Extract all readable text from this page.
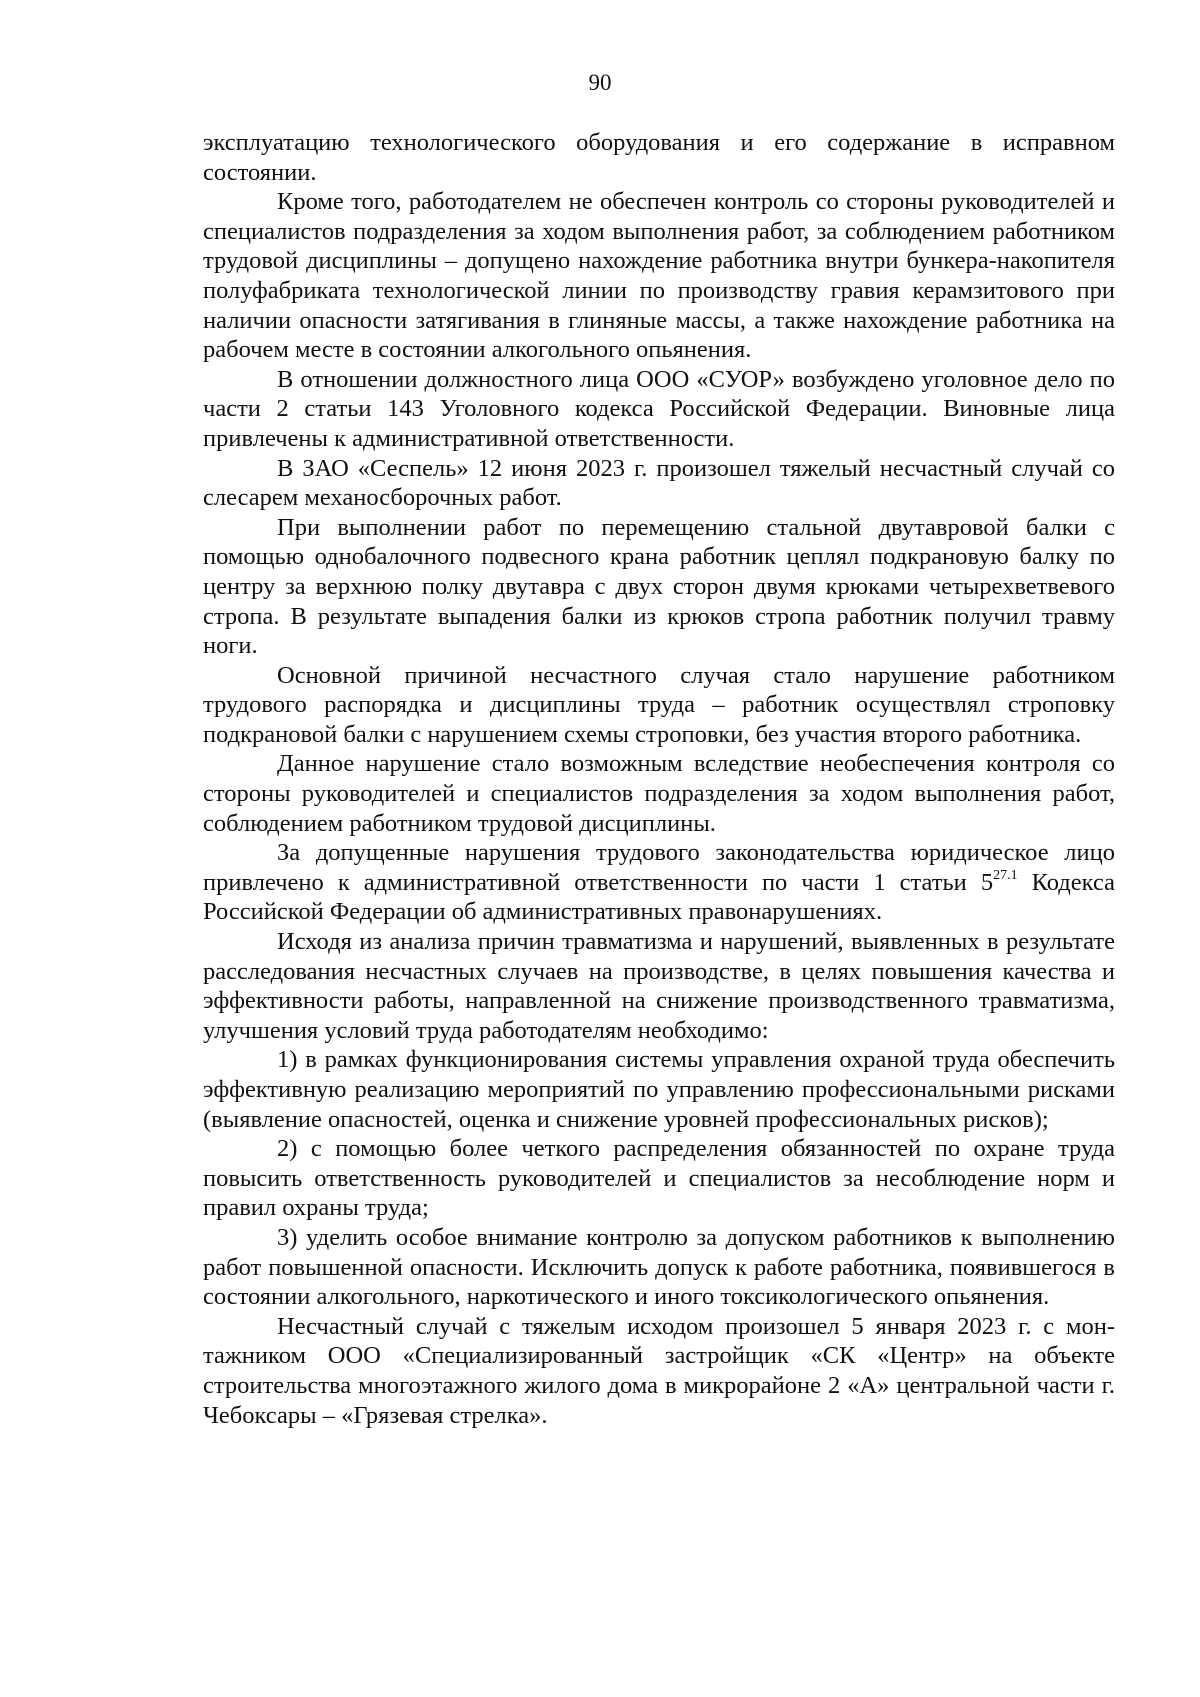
90

эксплуатацию технологического оборудования и его содержание в исправном состоянии.

Кроме того, работодателем не обеспечен контроль со стороны руководителей и специалистов подразделения за ходом выполнения работ, за соблюдением работником трудовой дисциплины – допущено нахождение работника внутри бункера-накопителя полуфабриката технологической линии по производству гравия керамзитового при наличии опасности затягивания в глиняные массы, а также нахождение работника на рабочем месте в состоянии алкогольного опьянения.

В отношении должностного лица ООО «СУОР» возбуждено уголовное дело по части 2 статьи 143 Уголовного кодекса Российской Федерации. Виновные лица привлечены к административной ответственности.

В ЗАО «Сеспель» 12 июня 2023 г. произошел тяжелый несчастный случай со слесарем механосборочных работ.

При выполнении работ по перемещению стальной двутавровой балки с помощью однобалочного подвесного крана работник цеплял подкрановую балку по центру за верхнюю полку двутавра с двух сторон двумя крюками четырехветвевого стропа. В результате выпадения балки из крюков стропа работник получил травму ноги.

Основной причиной несчастного случая стало нарушение работником трудового распорядка и дисциплины труда – работник осуществлял строповку подкрановой балки с нарушением схемы строповки, без участия второго работника.

Данное нарушение стало возможным вследствие необеспечения контроля со стороны руководителей и специалистов подразделения за ходом выполнения работ, соблюдением работником трудовой дисциплины.

За допущенные нарушения трудового законодательства юридическое лицо привлечено к административной ответственности по части 1 статьи $5^{27.1}$ Кодекса Российской Федерации об административных правонарушениях.

Исходя из анализа причин травматизма и нарушений, выявленных в результате расследования несчастных случаев на производстве, в целях повышения качества и эффективности работы, направленной на снижение производственного травматизма, улучшения условий труда работодателям необходимо:

1) в рамках функционирования системы управления охраной труда обеспечить эффективную реализацию мероприятий по управлению профессиональными рисками (выявление опасностей, оценка и снижение уровней профессиональных рисков);

2) с помощью более четкого распределения обязанностей по охране труда повысить ответственность руководителей и специалистов за несоблюдение норм и правил охраны труда;

3) уделить особое внимание контролю за допуском работников к выполнению работ повышенной опасности. Исключить допуск к работе работника, появившегося в состоянии алкогольного, наркотического и иного токсикологического опьянения.

Несчастный случай с тяжелым исходом произошел 5 января 2023 г. с монтажником ООО «Специализированный застройщик «СК «Центр» на объекте строительства многоэтажного жилого дома в микрорайоне 2 «А» центральной части г. Чебоксары – «Грязевая стрелка».
